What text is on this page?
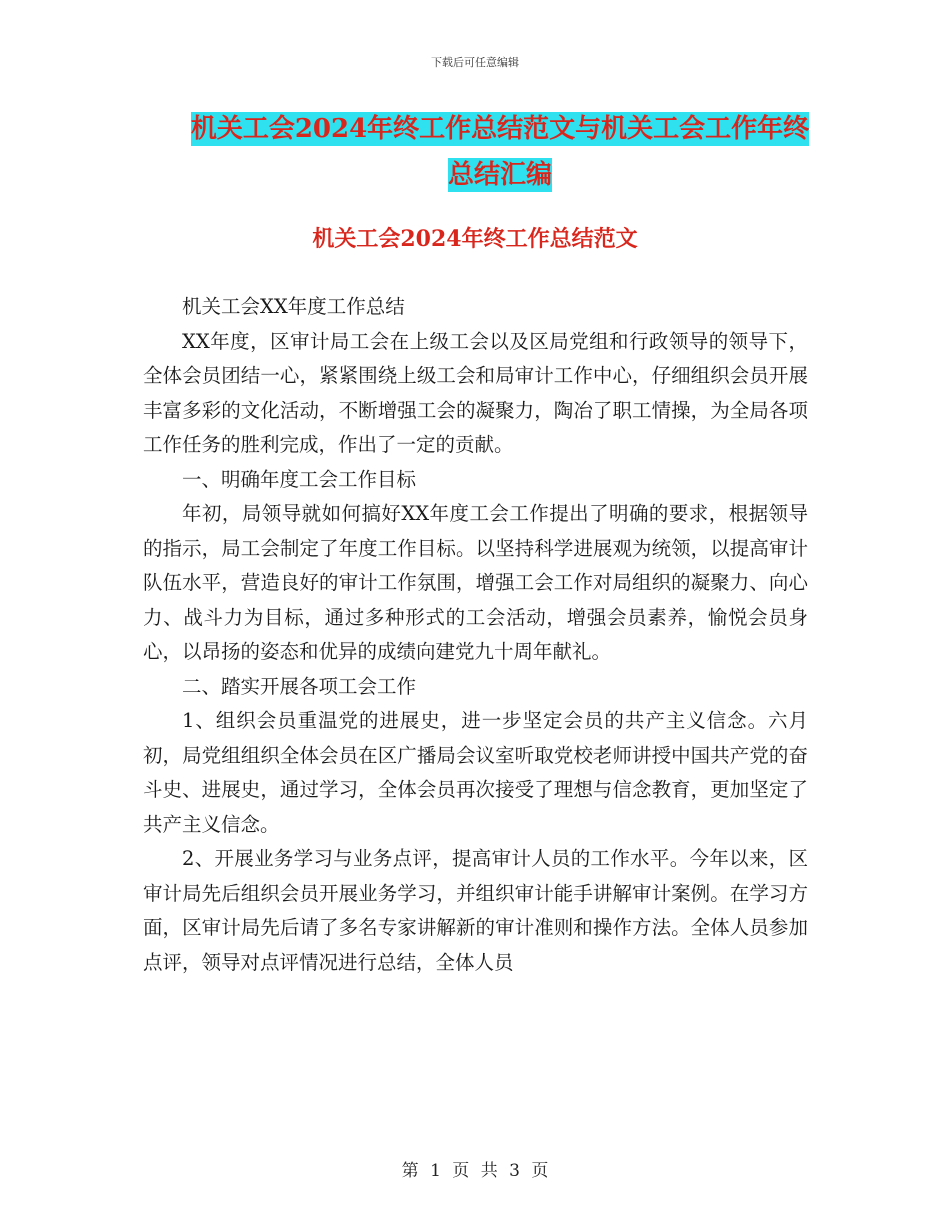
下载后可任意编辑
机关工会2024年终工作总结范文与机关工会工作年终
总结汇编
机关工会2024年终工作总结范文

机关工会XX年度工作总结

XX年度，区审计局工会在上级工会以及区局党组和行政领导的领导下，全体会员团结一心，紧紧围绕上级工会和局审计工作中心，仔细组织会员开展丰富多彩的文化活动，不断增强工会的凝聚力，陶冶了职工情操，为全局各项工作任务的胜利完成，作出了一定的贡献。

一、明确年度工会工作目标

年初，局领导就如何搞好XX年度工会工作提出了明确的要求，根据领导的指示，局工会制定了年度工作目标。以坚持科学进展观为统领，以提高审计队伍水平，营造良好的审计工作氛围，增强工会工作对局组织的凝聚力、向心力、战斗力为目标，通过多种形式的工会活动，增强会员素养，愉悦会员身心，以昂扬的姿态和优异的成绩向建党九十周年献礼。

二、踏实开展各项工会工作

1、组织会员重温党的进展史，进一步坚定会员的共产主义信念。六月初，局党组组织全体会员在区广播局会议室听取党校老师讲授中国共产党的奋斗史、进展史，通过学习，全体会员再次接受了理想与信念教育，更加坚定了共产主义信念。

2、开展业务学习与业务点评，提高审计人员的工作水平。今年以来，区审计局先后组织会员开展业务学习，并组织审计能手讲解审计案例。在学习方面，区审计局先后请了多名专家讲解新的审计准则和操作方法。全体人员参加点评，领导对点评情况进行总结，全体人员

第 1 页 共 3 页
